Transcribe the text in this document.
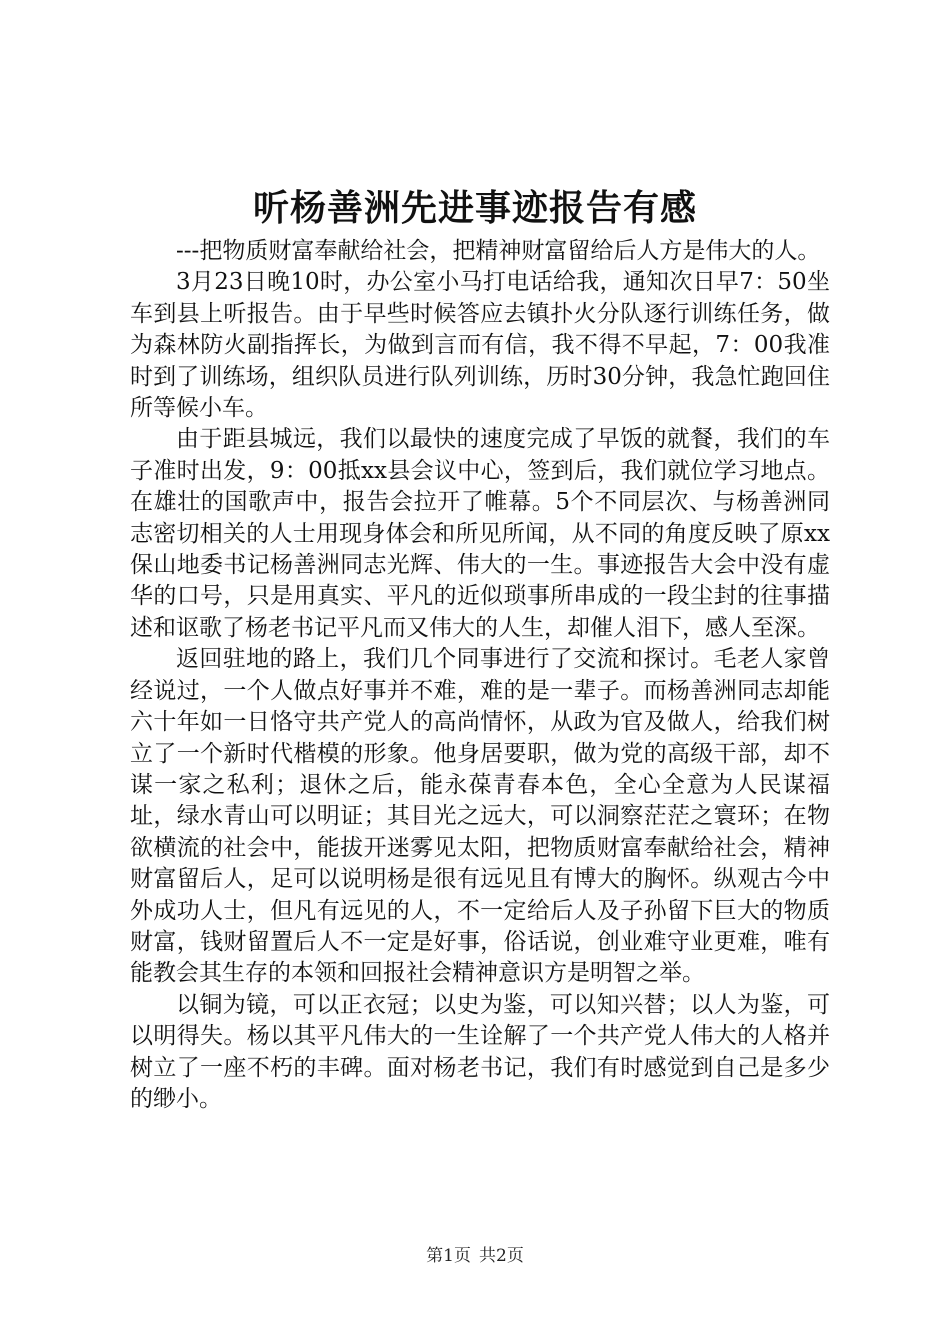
听杨善洲先进事迹报告有感

---把物质财富奉献给社会，把精神财富留给后人方是伟大的人。

3月23日晚10时，办公室小马打电话给我，通知次日早7：50坐车到县上听报告。由于早些时候答应去镇扑火分队逐行训练任务，做为森林防火副指挥长，为做到言而有信，我不得不早起，7：00我准时到了训练场，组织队员进行队列训练，历时30分钟，我急忙跑回住所等候小车。

由于距县城远，我们以最快的速度完成了早饭的就餐，我们的车子准时出发，9：00抵xx县会议中心，签到后，我们就位学习地点。在雄壮的国歌声中，报告会拉开了帷幕。5个不同层次、与杨善洲同志密切相关的人士用现身体会和所见所闻，从不同的角度反映了原xx保山地委书记杨善洲同志光辉、伟大的一生。事迹报告大会中没有虚华的口号，只是用真实、平凡的近似琐事所串成的一段尘封的往事描述和讴歌了杨老书记平凡而又伟大的人生，却催人泪下，感人至深。

返回驻地的路上，我们几个同事进行了交流和探讨。毛老人家曾经说过，一个人做点好事并不难，难的是一辈子。而杨善洲同志却能六十年如一日恪守共产党人的高尚情怀，从政为官及做人，给我们树立了一个新时代楷模的形象。他身居要职，做为党的高级干部，却不谋一家之私利；退休之后，能永葆青春本色，全心全意为人民谋福址，绿水青山可以明证；其目光之远大，可以洞察茫茫之寰环；在物欲横流的社会中，能拔开迷雾见太阳，把物质财富奉献给社会，精神财富留后人，足可以说明杨是很有远见且有博大的胸怀。纵观古今中外成功人士，但凡有远见的人，不一定给后人及子孙留下巨大的物质财富，钱财留置后人不一定是好事，俗话说，创业难守业更难，唯有能教会其生存的本领和回报社会精神意识方是明智之举。

以铜为镜，可以正衣冠；以史为鉴，可以知兴替；以人为鉴，可以明得失。杨以其平凡伟大的一生诠解了一个共产党人伟大的人格并树立了一座不朽的丰碑。面对杨老书记，我们有时感觉到自己是多少的缈小。

第1页 共2页
